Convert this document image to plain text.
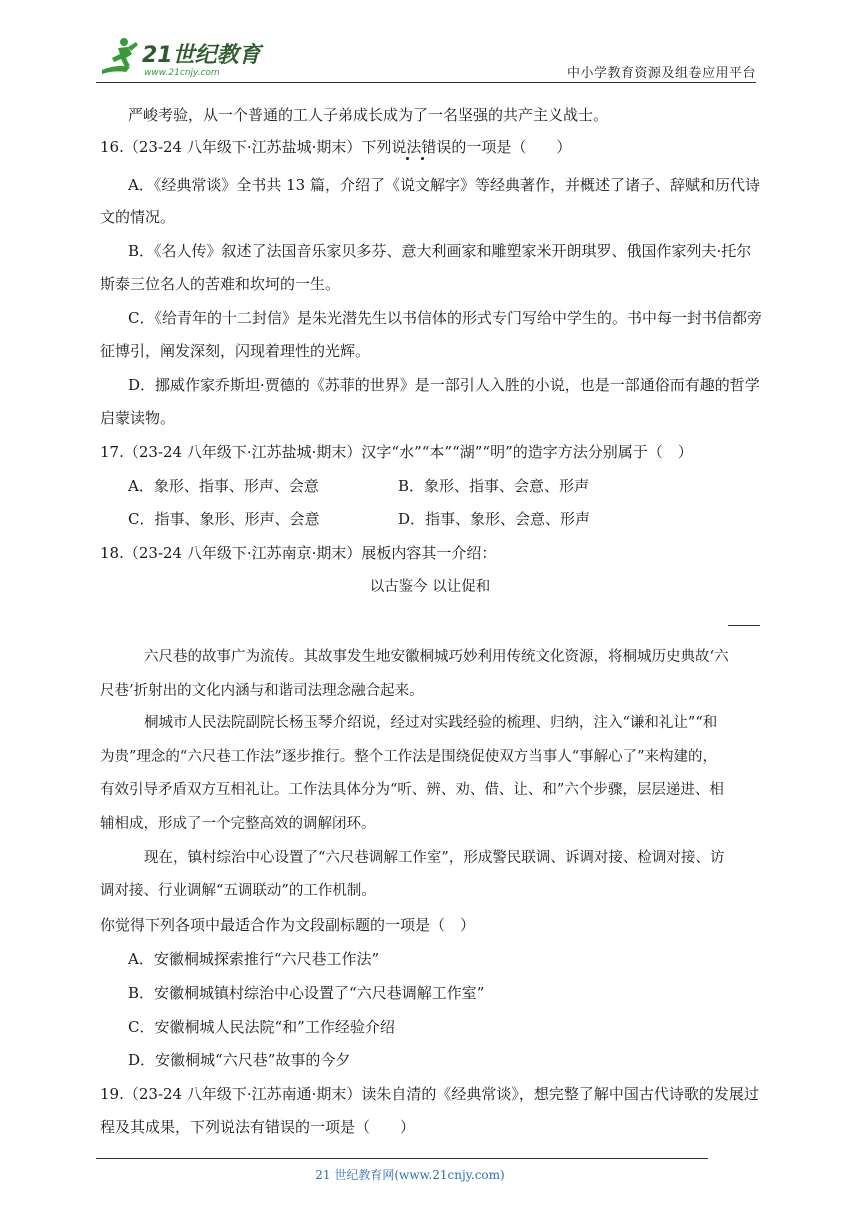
21世纪教育
www.21cnjy.com	中小学教育资源及组卷应用平台
严峻考验，从一个普通的工人子弟成长成为了一名坚强的共产主义战士。
16.（23-24 八年级下·江苏盐城·期末）下列说法错误的一项是（　　）
A．《经典常谈》全书共 13 篇，介绍了《说文解字》等经典著作，并概述了诸子、辞赋和历代诗
文的情况。
B．《名人传》叙述了法国音乐家贝多芬、意大利画家和雕塑家米开朗琪罗、俄国作家列夫·托尔
斯泰三位名人的苦难和坎坷的一生。
C．《给青年的十二封信》是朱光潜先生以书信体的形式专门写给中学生的。书中每一封书信都旁
征博引，阐发深刻，闪现着理性的光辉。
D．挪威作家乔斯坦·贾德的《苏菲的世界》是一部引人入胜的小说，也是一部通俗而有趣的哲学
启蒙读物。
17.（23-24 八年级下·江苏盐城·期末）汉字“水”“本”“湖”“明”的造字方法分别属于（　）
A．象形、指事、形声、会意	B．象形、指事、会意、形声
C．指事、象形、形声、会意	D．指事、象形、会意、形声
18.（23-24 八年级下·江苏南京·期末）展板内容其一介绍：
以古鉴今 以让促和
六尺巷的故事广为流传。其故事发生地安徽桐城巧妙利用传统文化资源，将桐城历史典故‘六
尺巷’折射出的文化内涵与和谐司法理念融合起来。
桐城市人民法院副院长杨玉琴介绍说，经过对实践经验的梳理、归纳，注入“谦和礼让”“和
为贵”理念的“六尺巷工作法”逐步推行。整个工作法是围绕促使双方当事人“事解心了”来构建的，
有效引导矛盾双方互相礼让。工作法具体分为“听、辨、劝、借、让、和”六个步骤，层层递进、相
辅相成，形成了一个完整高效的调解闭环。
现在，镇村综治中心设置了“六尺巷调解工作室”，形成警民联调、诉调对接、检调对接、访
调对接、行业调解“五调联动”的工作机制。
你觉得下列各项中最适合作为文段副标题的一项是（　）
A．安徽桐城探索推行“六尺巷工作法”
B．安徽桐城镇村综治中心设置了“六尺巷调解工作室”
C．安徽桐城人民法院“和”工作经验介绍
D．安徽桐城“六尺巷”故事的今夕
19.（23-24 八年级下·江苏南通·期末）读朱自清的《经典常谈》，想完整了解中国古代诗歌的发展过
程及其成果，下列说法有错误的一项是（　　）
21 世纪教育网(www.21cnjy.com)
